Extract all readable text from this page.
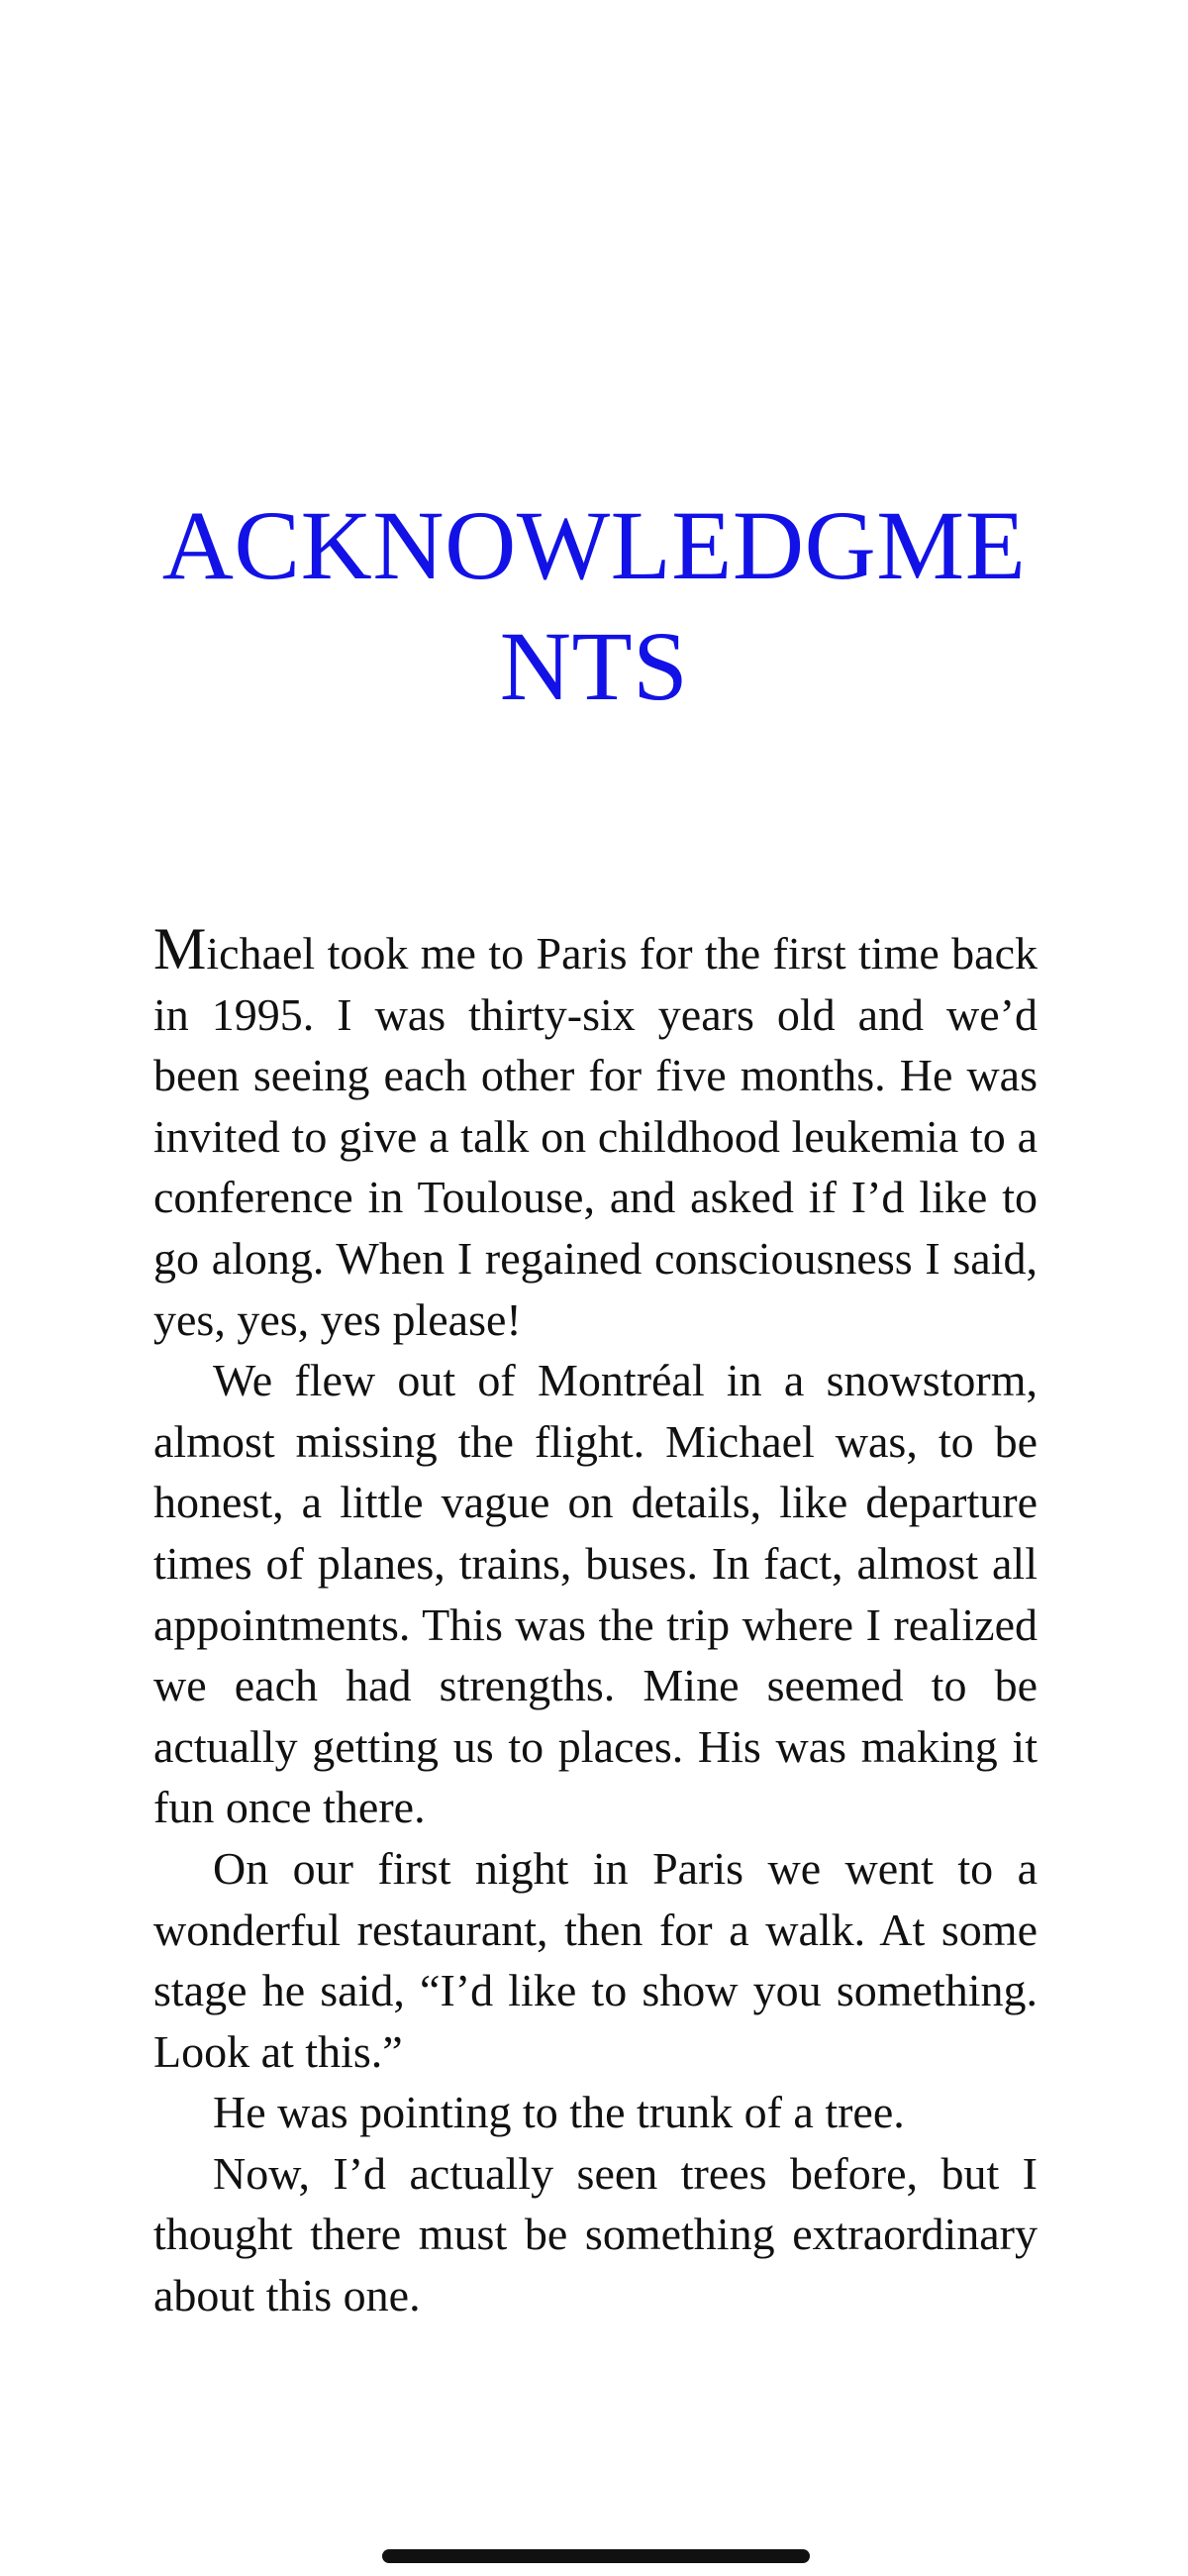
ACKNOWLEDGME
NTS

Michael took me to Paris for the first time back in 1995. I was thirty-six years old and we’d been seeing each other for five months. He was invited to give a talk on childhood leukemia to a conference in Toulouse, and asked if I’d like to go along. When I regained consciousness I said, yes, yes, yes please!

We flew out of Montréal in a snowstorm, almost missing the flight. Michael was, to be honest, a little vague on details, like departure times of planes, trains, buses. In fact, almost all appointments. This was the trip where I realized we each had strengths. Mine seemed to be actually getting us to places. His was making it fun once there.

On our first night in Paris we went to a wonderful restaurant, then for a walk. At some stage he said, “I’d like to show you something. Look at this.”

He was pointing to the trunk of a tree.

Now, I’d actually seen trees before, but I thought there must be something extraordinary about this one.
